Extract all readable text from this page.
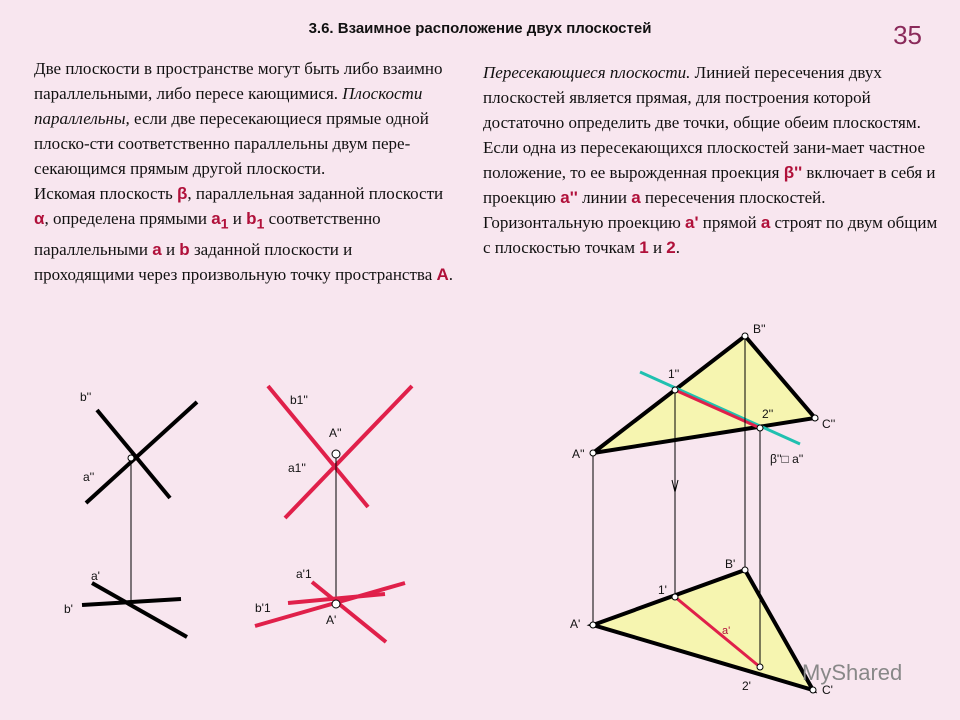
3.6. Взаимное расположение двух плоскостей	35

Две плоскости в пространстве могут быть либо взаимно параллельными, либо пересе кающимися. Плоскости параллельны, если две пересекающиеся прямые одной плоско-сти соответственно параллельны двум пере-секающимся прямым другой плоскости.

Искомая плоскость β, параллельная заданной плоскости α, определена прямыми $a_1$ и $b_1$ соответственно параллельными a и b заданной плоскости и проходящими через произвольную точку пространства A.

Пересекающиеся плоскости. Линией пересечения двух плоскостей является прямая, для построения которой достаточно определить две точки, общие обеим плоскостям.

Если одна из пересекающихся плоскостей зани-мает частное положение, то ее вырожденная проекция β'' включает в себя и проекцию a'' линии a пересечения плоскостей. Горизонтальную проекцию a' прямой a строят по двум общим с плоскостью точкам 1 и 2.

b''
a''
a'
b'
b1''
A''
a1''
a'1
b'1
A'
B''
1''
2''
C''
A''	β''□ a''
B'
1'
A'	a'
2'	C'
MyShared
